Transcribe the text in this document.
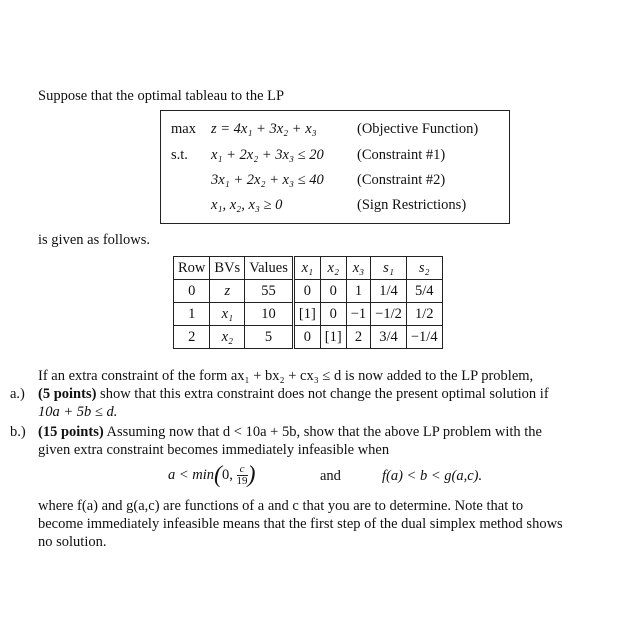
Suppose that the optimal tableau to the LP
max z = 4x₁ + 3x₂ + x₃	(Objective Function)
s.t. x₁ + 2x₂ + 3x₃ ≤ 20 (Constraint #1)
3x₁ + 2x₂ + x₃ ≤ 40 (Constraint #2)
x₁, x₂, x₃ ≥ 0	(Sign Restrictions)
is given as follows.
Row	BVs	Values	x₁	x₂	x₃	s₁	s₂
0	z	55	0	0	1	1/4	5/4
1	x₁	10	[1]	0	−1	−1/2	1/2
2	x₂	5	0	[1]	2	3/4	−1/4
If an extra constraint of the form ax₁ + bx₂ + cx₃ ≤ d is now added to the LP problem,
a.) (5 points) show that this extra constraint does not change the present optimal solution if
10a + 5b ≤ d.
b.) (15 points) Assuming now that d < 10a + 5b, show that the above LP problem with the
given extra constraint becomes immediately infeasible when
a < min(0, $\frac{c}{19}$ )	and	f(a) < b < g(a,c).
where f(a) and g(a,c) are functions of a and c that you are to determine. Note that to
become immediately infeasible means that the first step of the dual simplex method shows
no solution.
